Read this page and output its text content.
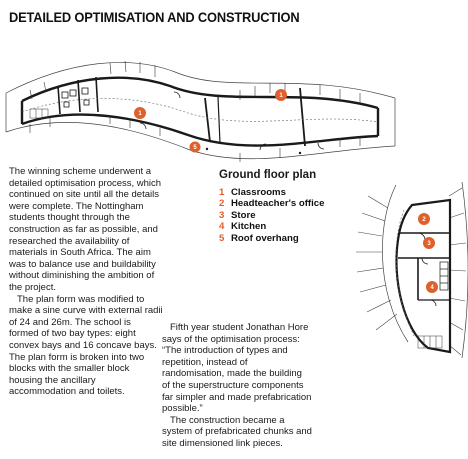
DETAILED OPTIMISATION AND CONSTRUCTION
1
1
5
2
3
4
Ground floor plan
1 Classrooms
2 Headteacher's office
3 Store
4 Kitchen
5 Roof overhang

The winning scheme underwent a detailed optimisation process, which continued on site until all the details were complete. The Nottingham students thought through the construction as far as possible, and researched the availability of materials in South Africa. The aim was to balance use and buildability without diminishing the ambition of the project.

The plan form was modified to make a sine curve with external radii of 24 and 26m. The school is formed of two bay types: eight convex bays and 16 concave bays. The plan form is broken into two blocks with the smaller block housing the ancillary accommodation and toilets.

Fifth year student Jonathan Hore says of the optimisation process: “The introduction of types and repetition, instead of randomisation, made the building of the superstructure components far simpler and made prefabrication possible.”

The construction became a system of prefabricated chunks and site dimensioned link pieces.
